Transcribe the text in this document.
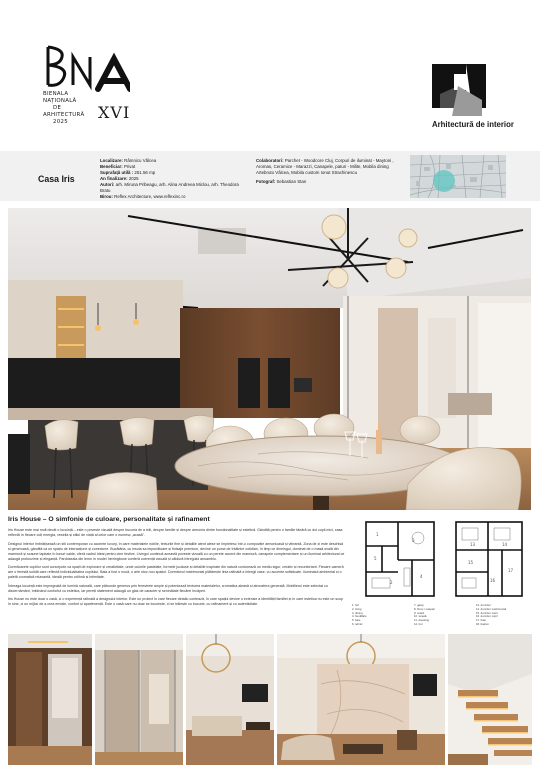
BIENALA
NAȚIONALĂ
DE
ARHITECTURĂ
2025	XVI
Arhitectură de interior
Casa Iris
Localizare: Râmnicu Vâlcea
Beneficiar: Privat
Suprafață utilă : 251.56 mp
An finalizare: 2025
Autori: arh. Miruna Pribeagu, arh. Alina Andreea Miclou, arh. Theodora Bratu
Birou: Reflex Architecture, www.reflexinc.ro
Colaboratori: Parchet - Woodcore Cluj, Corpuri de iluminat - Maytoni , Aromas, Ceramice - Marazzi, Canapele, paturi - Milite, Mobila dining Artebruto Vâlcea, Mobila custom Ionut Strachinescu
Fotograf: Sebastian Stan
Iris House – O simfonie de culoare, personalitate și rafinament

Iris House este mai mult decât o locuință – este o poveste vizuală despre bucuria de a trăi, despre familie și despre armonia dintre funcționalitate și estetică. Gândită pentru o familie tânără cu doi copii mici, casa reflectă în fiecare colț energia, veselia și stilul de viață al celor care o numesc „acasă".

Designul interior îmbrățișează un stil contemporan cu accente luxury, în care materialele nobile, texturile fine și detaliile atent alese se împletesc într-o compoziție armonioasă și vibrantă. Zona de zi este deschisă și generoasă, gândită ca un spațiu de interacțiune și conexiune. Bucătăria, cu insula sa impunătoare și finisaje premium, devine un punct de întâlnire cotidian, în timp ce dineingul, dominat de o masă ovală din marmură și scaune tapițate în tonuri calde, oferă cadrul ideal pentru cine festive. Livingul continuă această poveste vizuală cu un perete accent din marmură, canapele complementare și un iluminat arhitectural ce adaugă profunzime și eleganță. Pardoseala din lemn în model herringbone conferă coerență vizuală și căldură întregului ansamblu.

Dormitoarele copiilor sunt concepute ca spații de explorare și creativitate, unde culorile pastelate, formele jucăușe și detaliile inspirate din natură conturează un mediu sigur, creativ și reconfortant. Fiecare cameră are o ferestă solidă care reflectă individualitatea copilului. Baia a fost o nouă, o arie stuc nou spațiul. Dormitorul matrimonial plătărește linia rafinată a întregii case, cu accente sofisticate. Iluminatul ambiental și o paletă cromatică relaxantă, ideală pentru odihnă și intimitate.

Întreaga locuință este impregnată de lumină naturală, care pătrunde generos prin ferestrele ample și potențează texturea materialelor, cromatica aleasă și atmosfera generală. Mobilierul este selectat cu discernământ, îmbinând confortul cu estetica, iar pereții statement adaugă un glas de caracter și seninătate fiecărei încăperi.

Iris House nu este doar o casă, ci o experiență rafinată a designului interior. Este un proiect în care fiecare detaliu contează, în care spațiul devine o extensie a identității familiei și în care estetica nu este un scop în sine, ci un mijloc de a crea emoție, confort și apartenență. Este o casă care nu doar se locuiește, ci se trăiește cu bucurie, cu rafinament și cu autenticitate.

1
3
5
2
4
13	14
15
16
17
1. hol
2. living
3. dining
4. bucătărie
5. baie
6. tehnic
7. garaj
8. birou / oaspeți
9. scară
10. terasă
11. dressing
12. hol
13. dormitor
14. dormitor matrimonial
15. dormitor copil
16. dormitor copil
17. baie
18. balcon
